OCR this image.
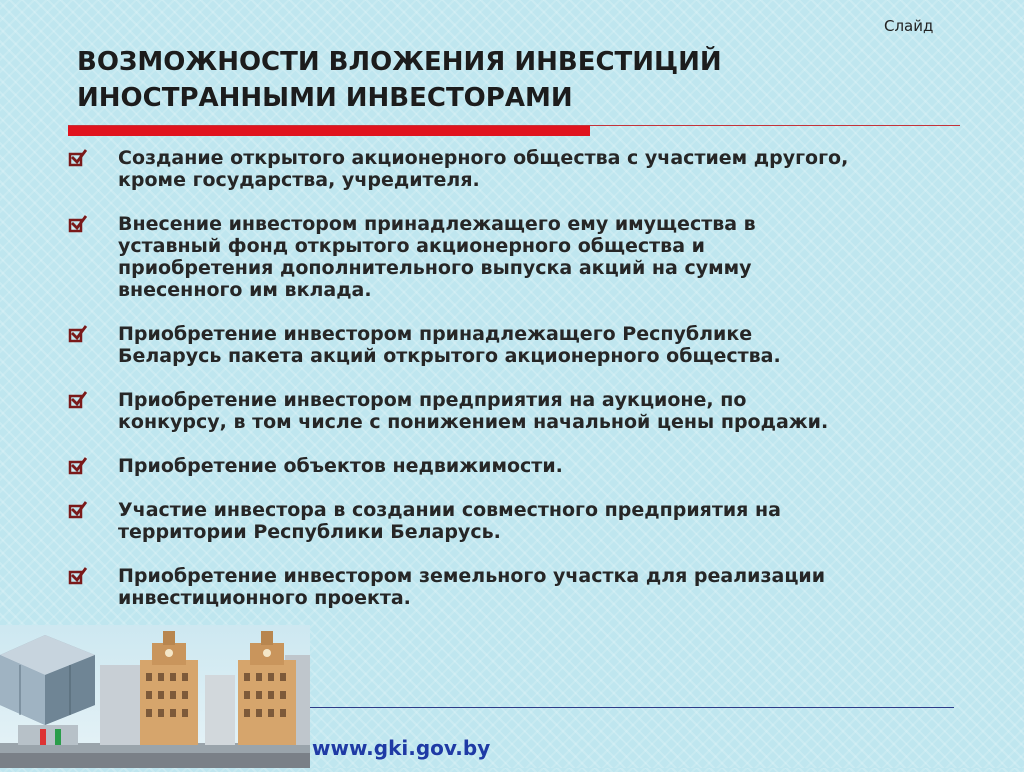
Слайд
ВОЗМОЖНОСТИ ВЛОЖЕНИЯ ИНВЕСТИЦИЙ
ИНОСТРАННЫМИ ИНВЕСТОРАМИ
Создание открытого акционерного общества с участием другого,
кроме государства, учредителя.
Внесение инвестором принадлежащего ему имущества в
уставный фонд открытого акционерного общества и
приобретения дополнительного выпуска акций на сумму
внесенного им вклада.
Приобретение инвестором принадлежащего Республике
Беларусь пакета акций открытого акционерного общества.
Приобретение инвестором предприятия на аукционе, по
конкурсу, в том числе с понижением начальной цены продажи.
Приобретение объектов недвижимости.
Участие инвестора в создании совместного предприятия на
территории Республики Беларусь.
Приобретение инвестором земельного участка для реализации
инвестиционного проекта.
www.gki.gov.by
